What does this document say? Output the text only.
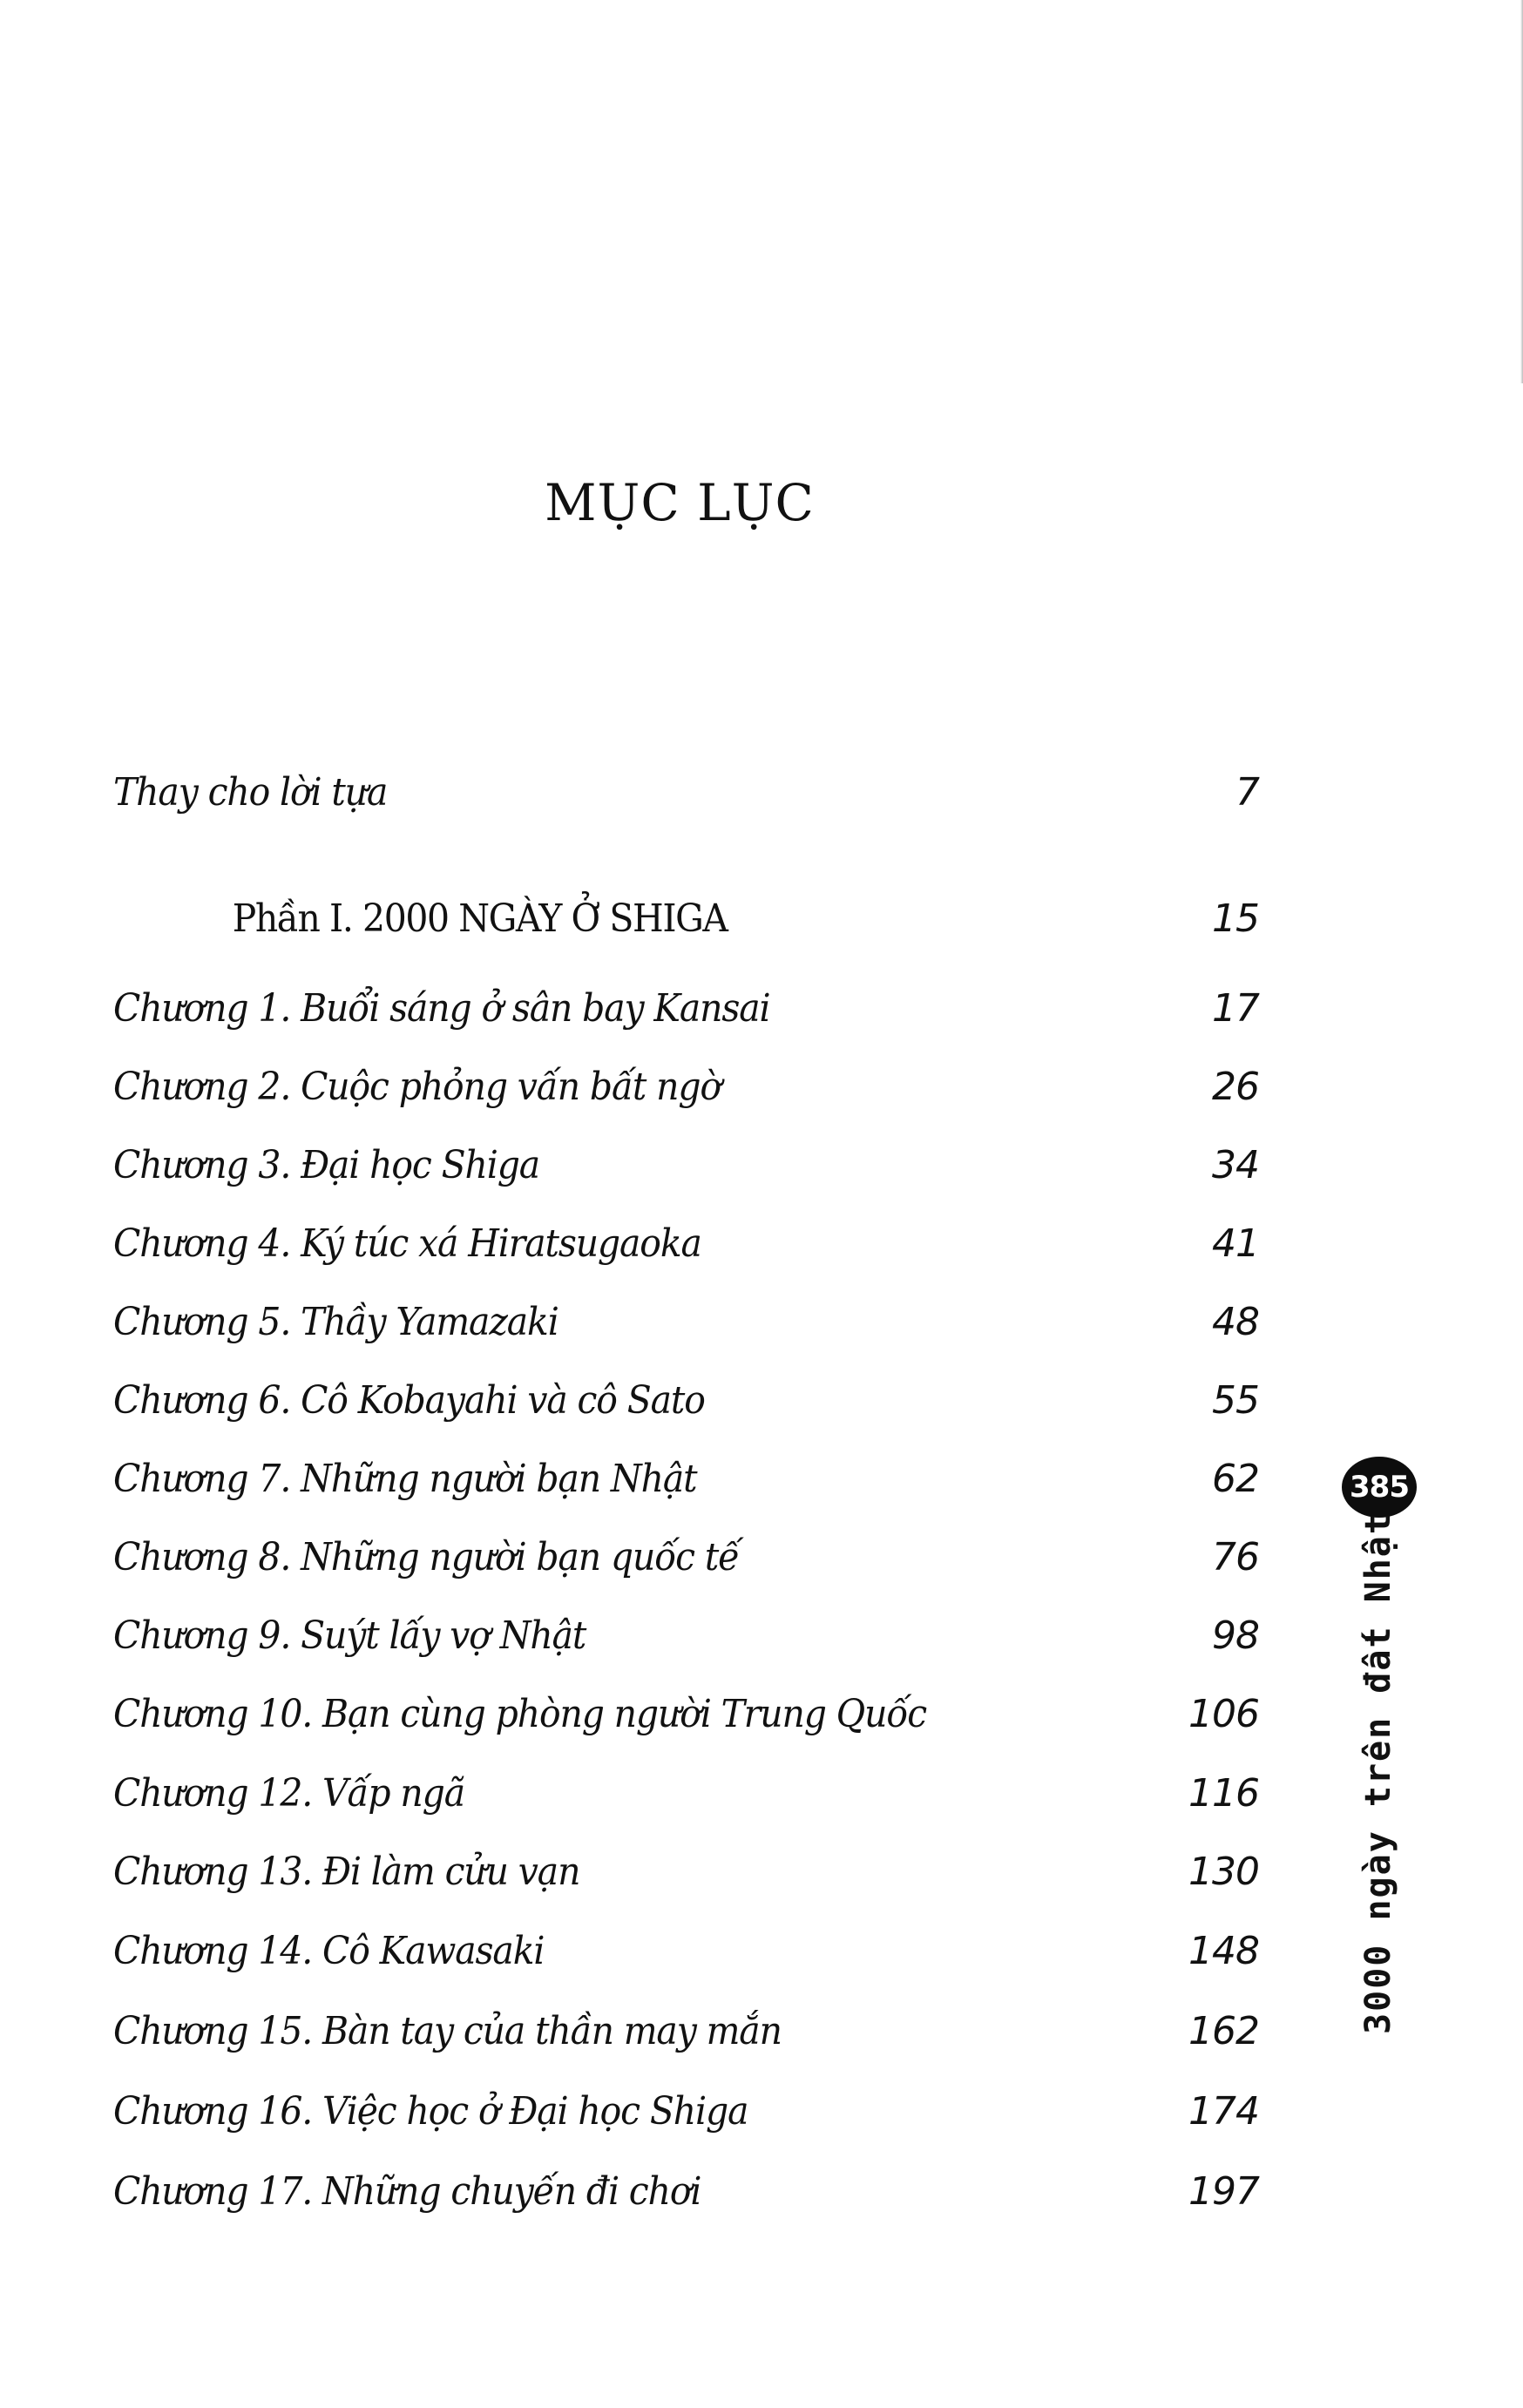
MỤC LỤC
Thay cho lời tựa	7
Phần I. 2000 NGÀY Ở SHIGA	15
Chương 1. Buổi sáng ở sân bay Kansai	17
Chương 2. Cuộc phỏng vấn bất ngờ	26
Chương 3. Đại học Shiga	34
Chương 4. Ký túc xá Hiratsugaoka	41
Chương 5. Thầy Yamazaki	48
Chương 6. Cô Kobayahi và cô Sato	55
Chương 7. Những người bạn Nhật	62
Chương 8. Những người bạn quốc tế	76
Chương 9. Suýt lấy vợ Nhật	98
Chương 10. Bạn cùng phòng người Trung Quốc	106
Chương 12. Vấp ngã	116
Chương 13. Đi làm cửu vạn	130
Chương 14. Cô Kawasaki	148
Chương 15. Bàn tay của thần may mắn	162
Chương 16. Việc học ở Đại học Shiga	174
Chương 17. Những chuyến đi chơi	197
385
3000 ngày trên đất Nhật
